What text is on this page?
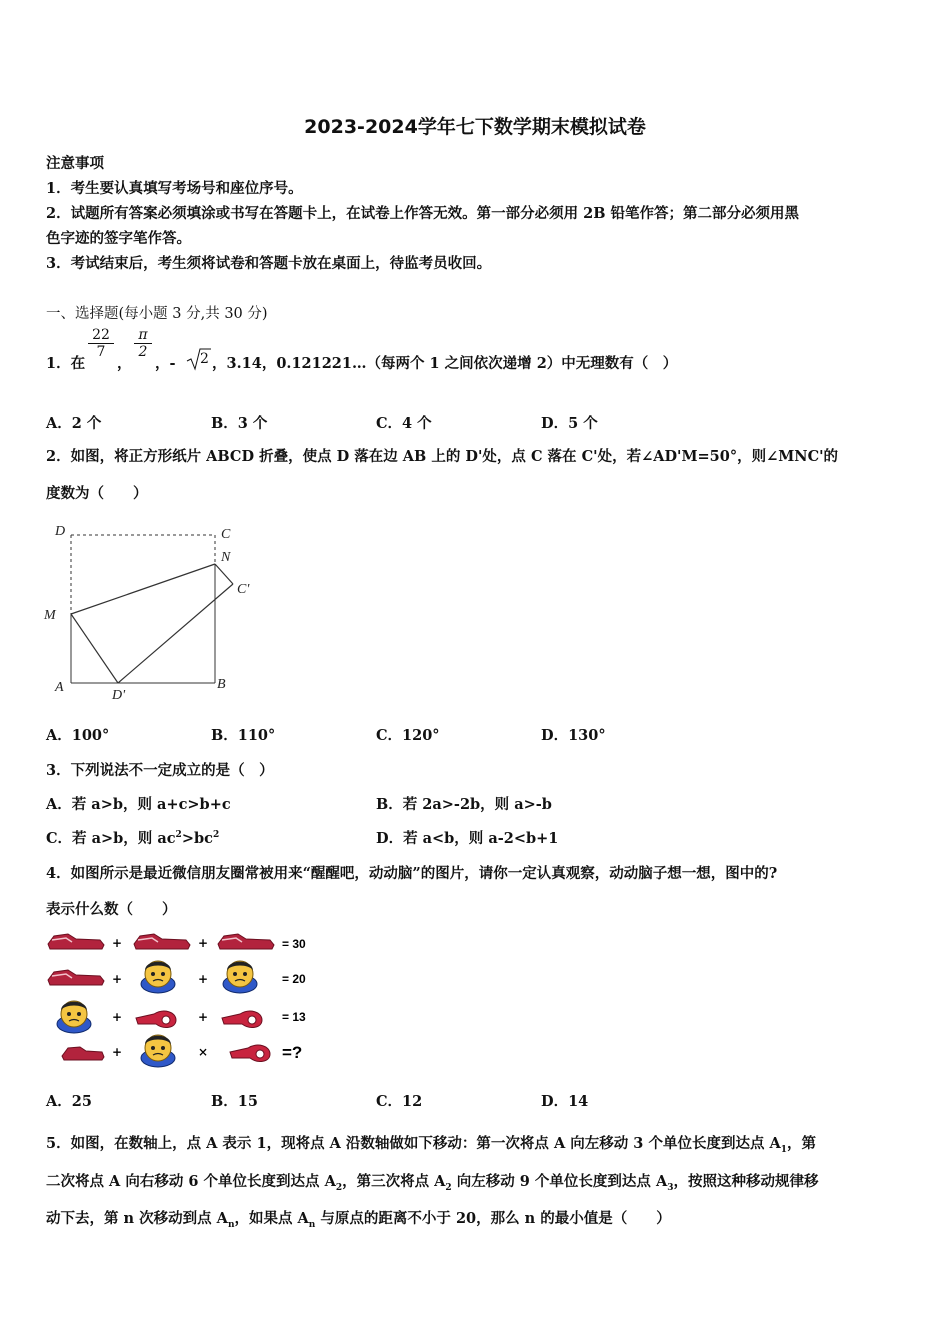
2023-2024学年七下数学期末模拟试卷
注意事项
1．考生要认真填写考场号和座位序号。
2．试题所有答案必须填涂或书写在答题卡上，在试卷上作答无效。第一部分必须用 2B 铅笔作答；第二部分必须用黑
色字迹的签字笔作答。
3．考试结束后，考生须将试卷和答题卡放在桌面上，待监考员收回。
一、选择题(每小题 3 分,共 30 分)
1．在
$\frac{22}{7}$
，
$\frac{\pi}{2}$
，- 2 ，3.14，0.121221…（每两个 1 之间依次递增 2）中无理数有（　）
A．2 个	B．3 个	C．4 个	D．5 个
2．如图，将正方形纸片 ABCD 折叠，使点 D 落在边 AB 上的 D'处，点 C 落在 C'处，若∠AD'M=50°，则∠MNC'的
度数为（　　）
D	C
N
C'
M
A
D'
B
A．100°	B．110°	C．120°	D．130°
3．下列说法不一定成立的是（　）
A．若 a>b，则 a+c>b+c	B．若 2a>-2b，则 a>-b
C．若 a>b，则 $ac^2>bc^2$	D．若 a<b，则 a-2<b+1
4．如图所示是最近微信朋友圈常被用来“醒醒吧，动动脑”的图片，请你一定认真观察，动动脑子想一想，图中的?
表示什么数（　　）
+	+	= 30
+	+	= 20
+	+	= 13
+	×	=?
A．25	B．15	C．12	D．14
5．如图，在数轴上，点 A 表示 1，现将点 A 沿数轴做如下移动：第一次将点 A 向左移动 3 个单位长度到达点 $A_1$，第
二次将点 A 向右移动 6 个单位长度到达点 $A_2$，第三次将点 $A_2$ 向左移动 9 个单位长度到达点 $A_3$，按照这种移动规律移
动下去，第 n 次移动到点 $A_n$，如果点 $A_n$ 与原点的距离不小于 20，那么 n 的最小值是（　　）
